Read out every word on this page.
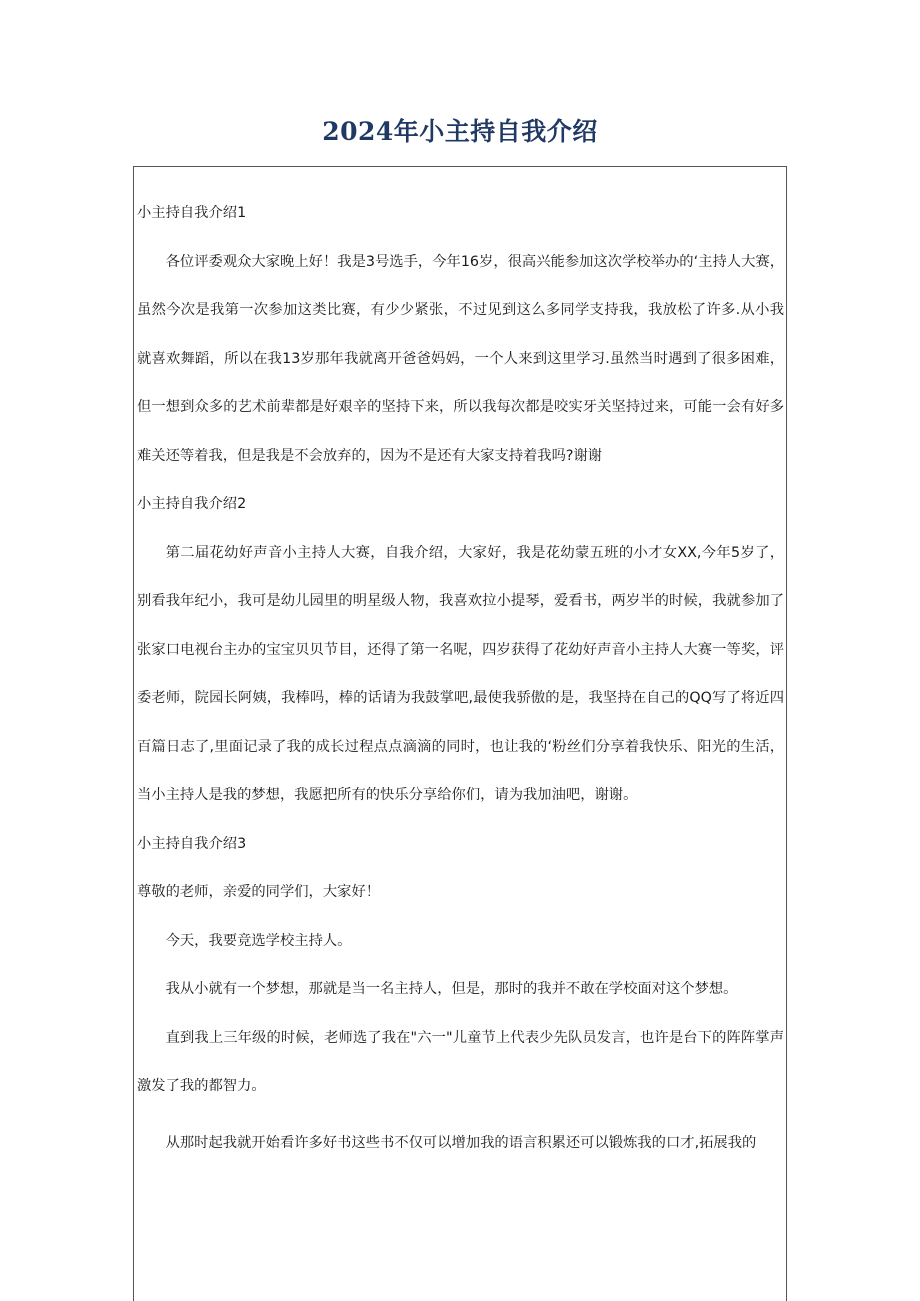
2024年小主持自我介绍

小主持自我介绍1

各位评委观众大家晚上好！我是3号选手，今年16岁，很高兴能参加这次学校举办的‘主持人大赛，虽然今次是我第一次参加这类比赛，有少少紧张，不过见到这么多同学支持我，我放松了许多.从小我就喜欢舞蹈，所以在我13岁那年我就离开爸爸妈妈，一个人来到这里学习.虽然当时遇到了很多困难，但一想到众多的艺术前辈都是好艰辛的坚持下来，所以我每次都是咬实牙关坚持过来，可能一会有好多难关还等着我，但是我是不会放弃的，因为不是还有大家支持着我吗?谢谢

小主持自我介绍2

第二届花幼好声音小主持人大赛，自我介绍，大家好，我是花幼蒙五班的小才女XX,今年5岁了，别看我年纪小，我可是幼儿园里的明星级人物，我喜欢拉小提琴，爱看书，两岁半的时候，我就参加了张家口电视台主办的宝宝贝贝节目，还得了第一名呢，四岁获得了花幼好声音小主持人大赛一等奖，评委老师，院园长阿姨，我棒吗，棒的话请为我鼓掌吧,最使我骄傲的是，我坚持在自己的QQ写了将近四百篇日志了,里面记录了我的成长过程点点滴滴的同时，也让我的‘粉丝们分享着我快乐、阳光的生活，当小主持人是我的梦想，我愿把所有的快乐分享给你们，请为我加油吧，谢谢。

小主持自我介绍3

尊敬的老师，亲爱的同学们，大家好！

今天，我要竞选学校主持人。

我从小就有一个梦想，那就是当一名主持人，但是，那时的我并不敢在学校面对这个梦想。

直到我上三年级的时候，老师选了我在"六一"儿童节上代表少先队员发言，也许是台下的阵阵掌声激发了我的都智力。

从那时起我就开始看许多好书这些书不仅可以增加我的语言积累还可以锻炼我的口才,拓展我的
